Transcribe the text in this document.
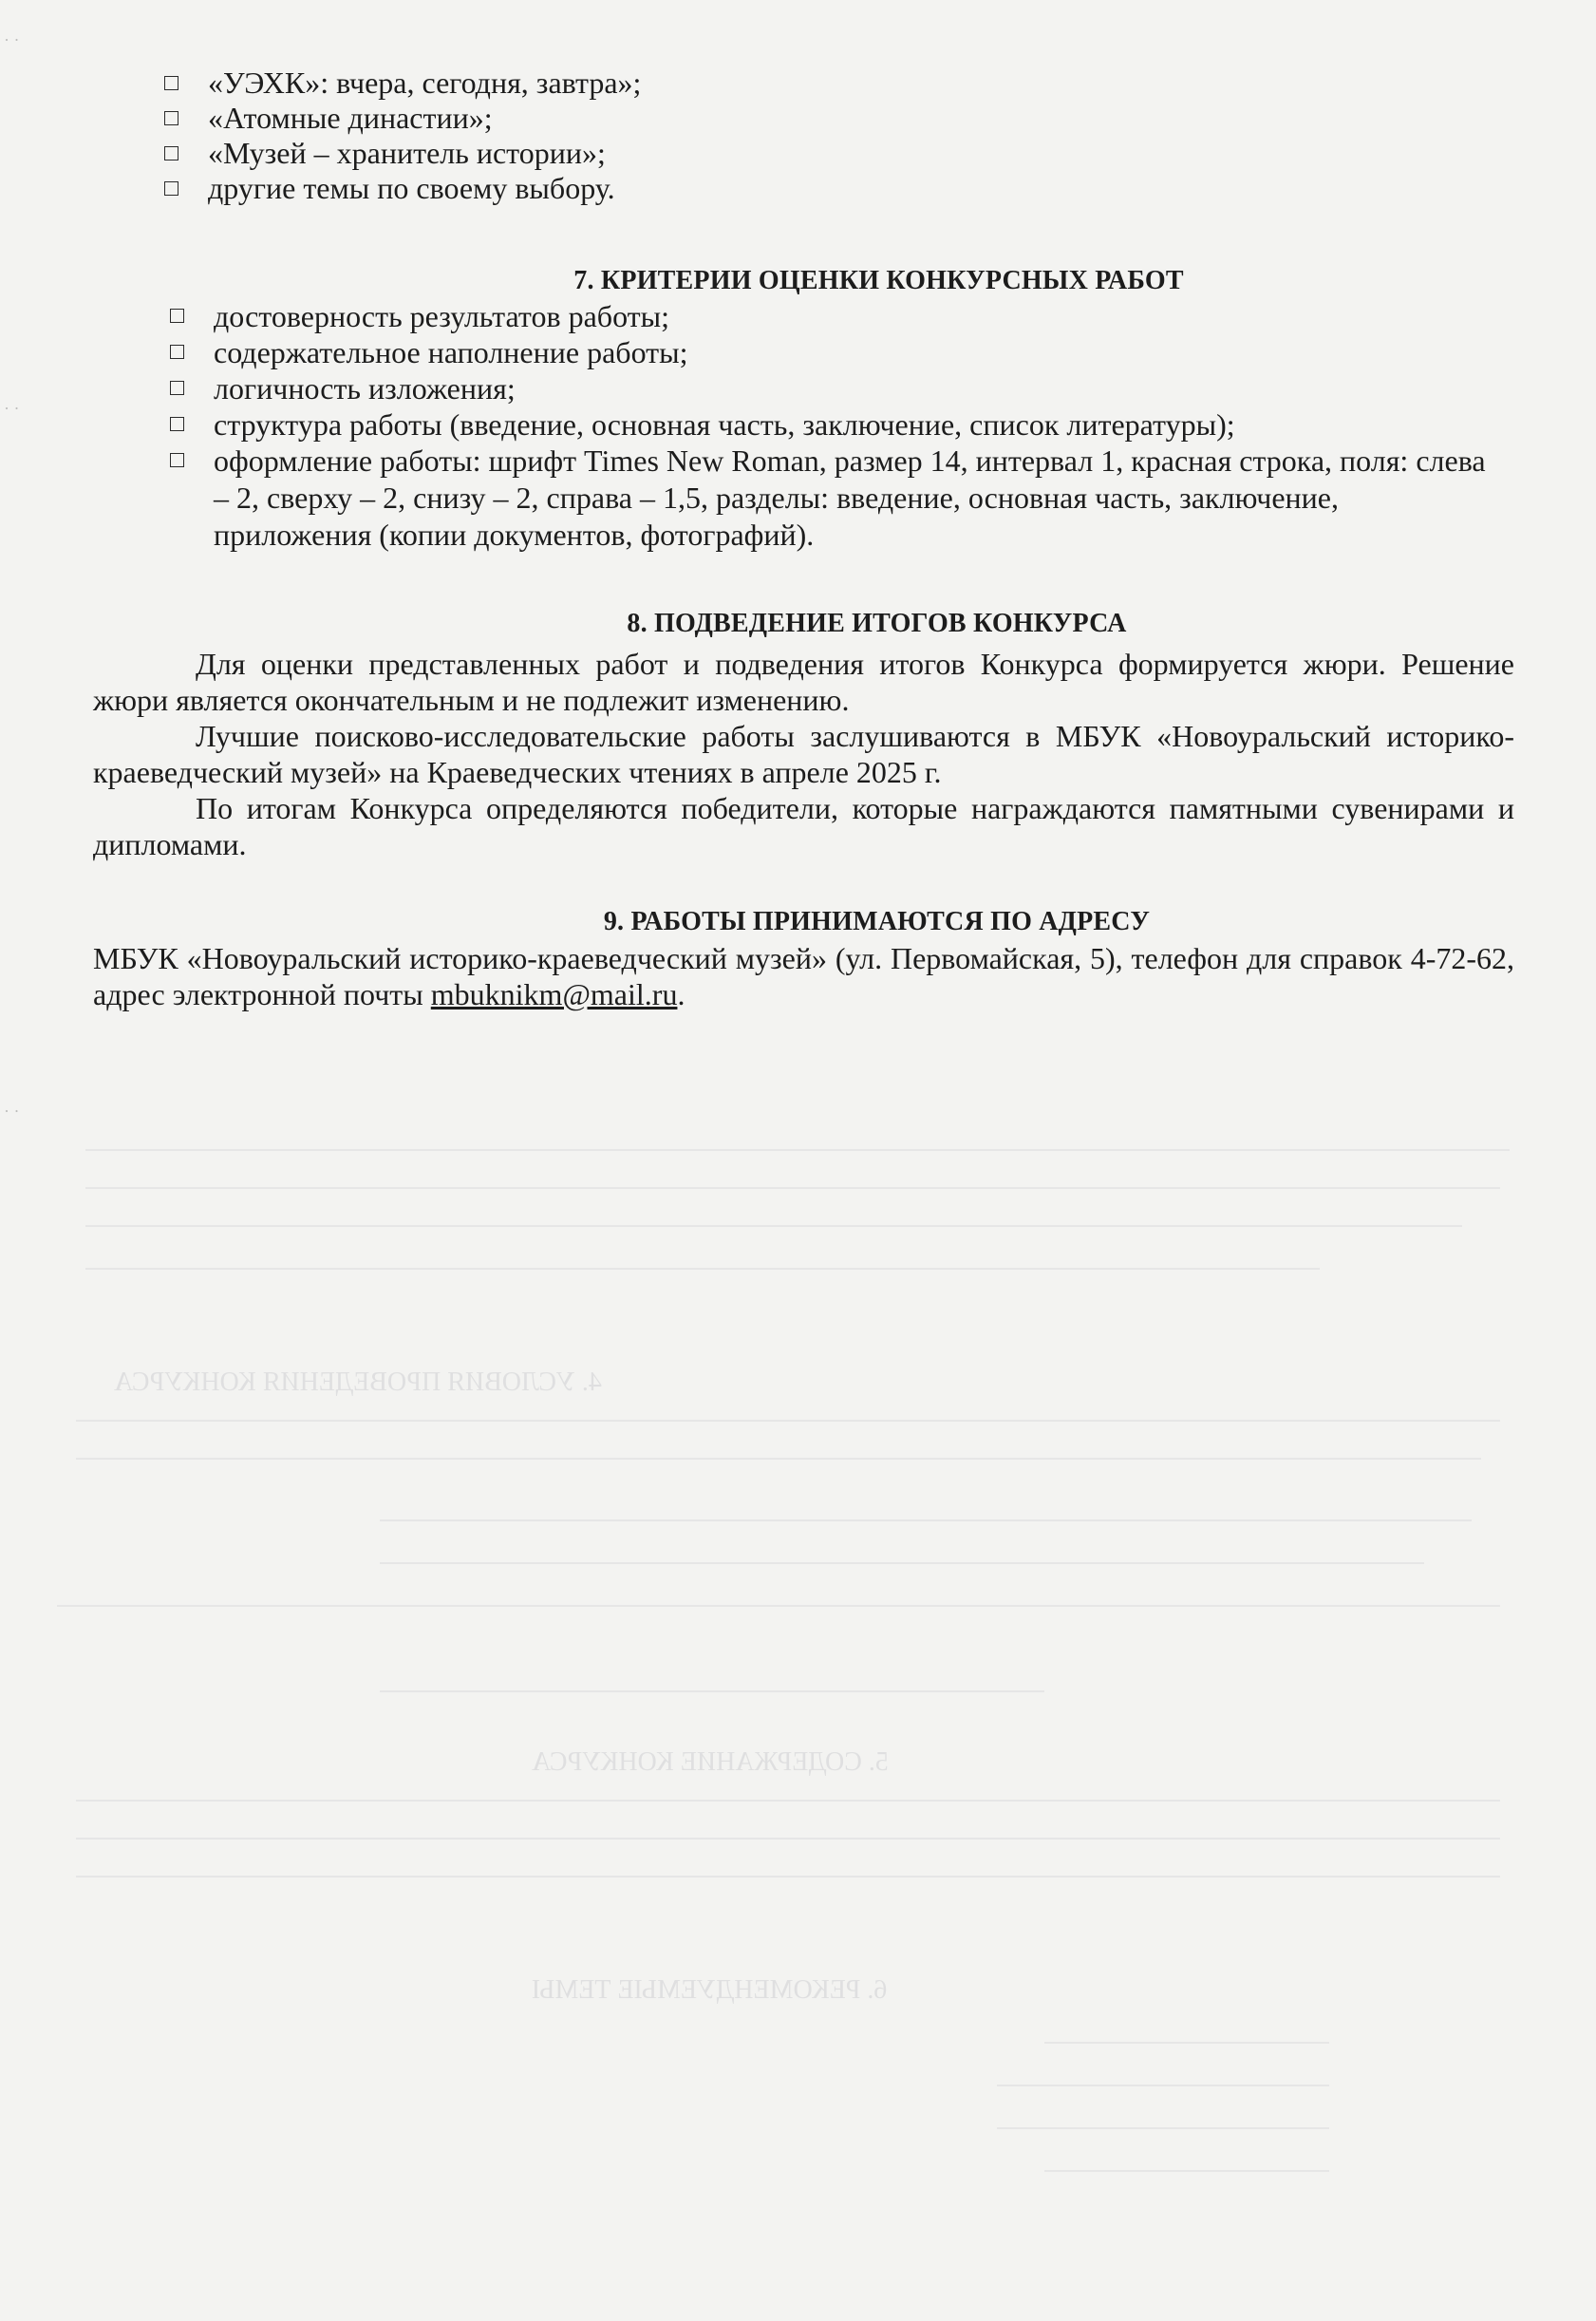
4. УСЛОВИЯ ПРОВЕДЕНИЯ КОНКУРСА
5. СОДЕРЖАНИЕ КОНКУРСА
6. РЕКОМЕНДУЕМЫЕ ТЕМЫ
· ·
· ·
· ·
«УЭХК»: вчера, сегодня, завтра»;
«Атомные династии»;
«Музей – хранитель истории»;
другие темы по своему выбору.
7. КРИТЕРИИ ОЦЕНКИ КОНКУРСНЫХ РАБОТ
достоверность результатов работы;
содержательное наполнение работы;
логичность изложения;
структура работы (введение, основная часть, заключение, список литературы);
оформление работы: шрифт Times New Roman, размер 14, интервал 1, красная строка, поля: слева – 2, сверху – 2, снизу – 2, справа – 1,5, разделы: введение, основная часть, заключение, приложения (копии документов, фотографий).
8. ПОДВЕДЕНИЕ ИТОГОВ КОНКУРСА

Для оценки представленных работ и подведения итогов Конкурса формируется жюри. Решение жюри является окончательным и не подлежит изменению.

Лучшие поисково-исследовательские работы заслушиваются в МБУК «Новоуральский историко-краеведческий музей» на Краеведческих чтениях в апреле 2025 г.

По итогам Конкурса определяются победители, которые награждаются памятными сувенирами и дипломами.

9. РАБОТЫ ПРИНИМАЮТСЯ ПО АДРЕСУ

МБУК «Новоуральский историко-краеведческий музей» (ул. Первомайская, 5), телефон для справок 4-72-62, адрес электронной почты mbuknikm@mail.ru.
